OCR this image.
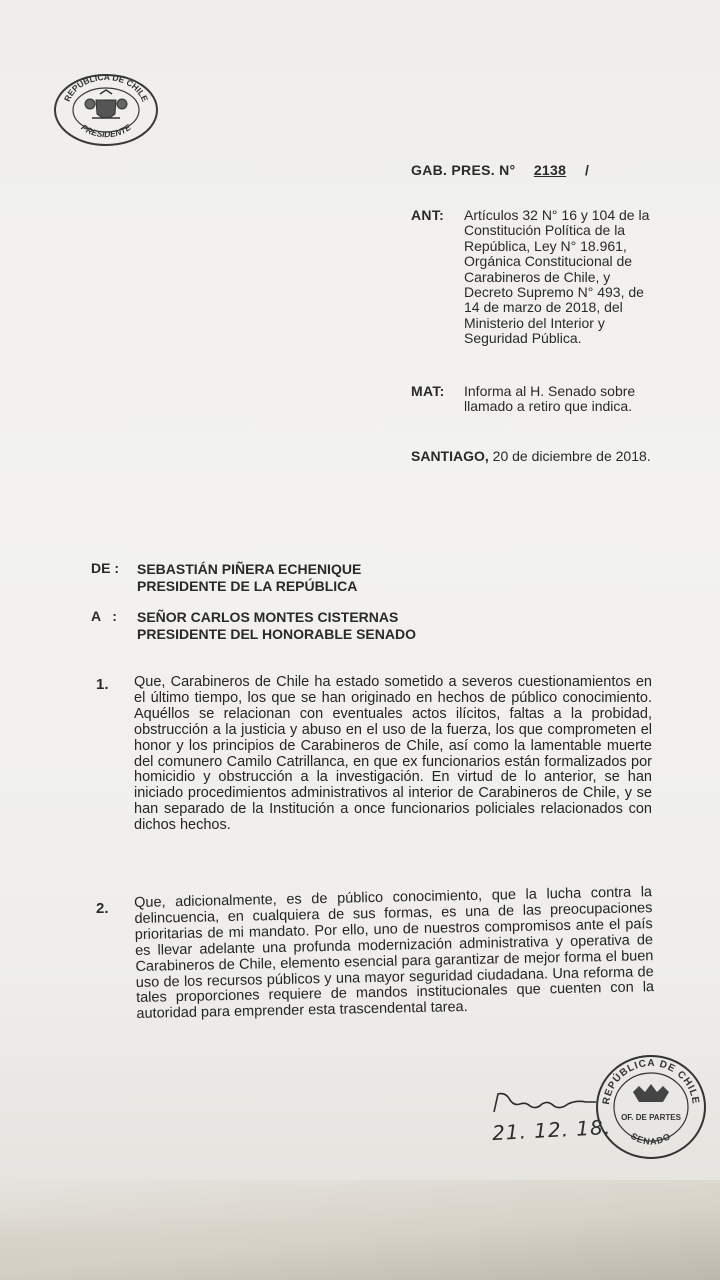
REPÚBLICA DE CHILE
PRESIDENTE
GAB. PRES. N°	2138	/
ANT: Artículos 32 N° 16 y 104 de la
Constitución Política de la
República, Ley N° 18.961,
Orgánica Constitucional de
Carabineros de Chile, y
Decreto Supremo N° 493, de
14 de marzo de 2018, del
Ministerio del Interior y
Seguridad Pública.
MAT: Informa al H. Senado sobre
llamado a retiro que indica.
SANTIAGO, 20 de diciembre de 2018.
DE : SEBASTIÁN PIÑERA ECHENIQUE
PRESIDENTE DE LA REPÚBLICA
A   : SEÑOR CARLOS MONTES CISTERNAS
PRESIDENTE DEL HONORABLE SENADO
1. Que, Carabineros de Chile ha estado sometido a severos cuestionamientos en el último tiempo, los que se han originado en hechos de público conocimiento. Aquéllos se relacionan con eventuales actos ilícitos, faltas a la probidad, obstrucción a la justicia y abuso en el uso de la fuerza, los que comprometen el honor y los principios de Carabineros de Chile, así como la lamentable muerte del comunero Camilo Catrillanca, en que ex funcionarios están formalizados por homicidio y obstrucción a la investigación. En virtud de lo anterior, se han iniciado procedimientos administrativos al interior de Carabineros de Chile, y se han separado de la Institución a once funcionarios policiales relacionados con dichos hechos.
2. Que, adicionalmente, es de público conocimiento, que la lucha contra la delincuencia, en cualquiera de sus formas, es una de las preocupaciones prioritarias de mi mandato. Por ello, uno de nuestros compromisos ante el país es llevar adelante una profunda modernización administrativa y operativa de Carabineros de Chile, elemento esencial para garantizar de mejor forma el buen uso de los recursos públicos y una mayor seguridad ciudadana. Una reforma de tales proporciones requiere de mandos institucionales que cuenten con la autoridad para emprender esta trascendental tarea.
21. 12. 18.
REPÚBLICA DE CHILE
SENADO
OF. DE PARTES
